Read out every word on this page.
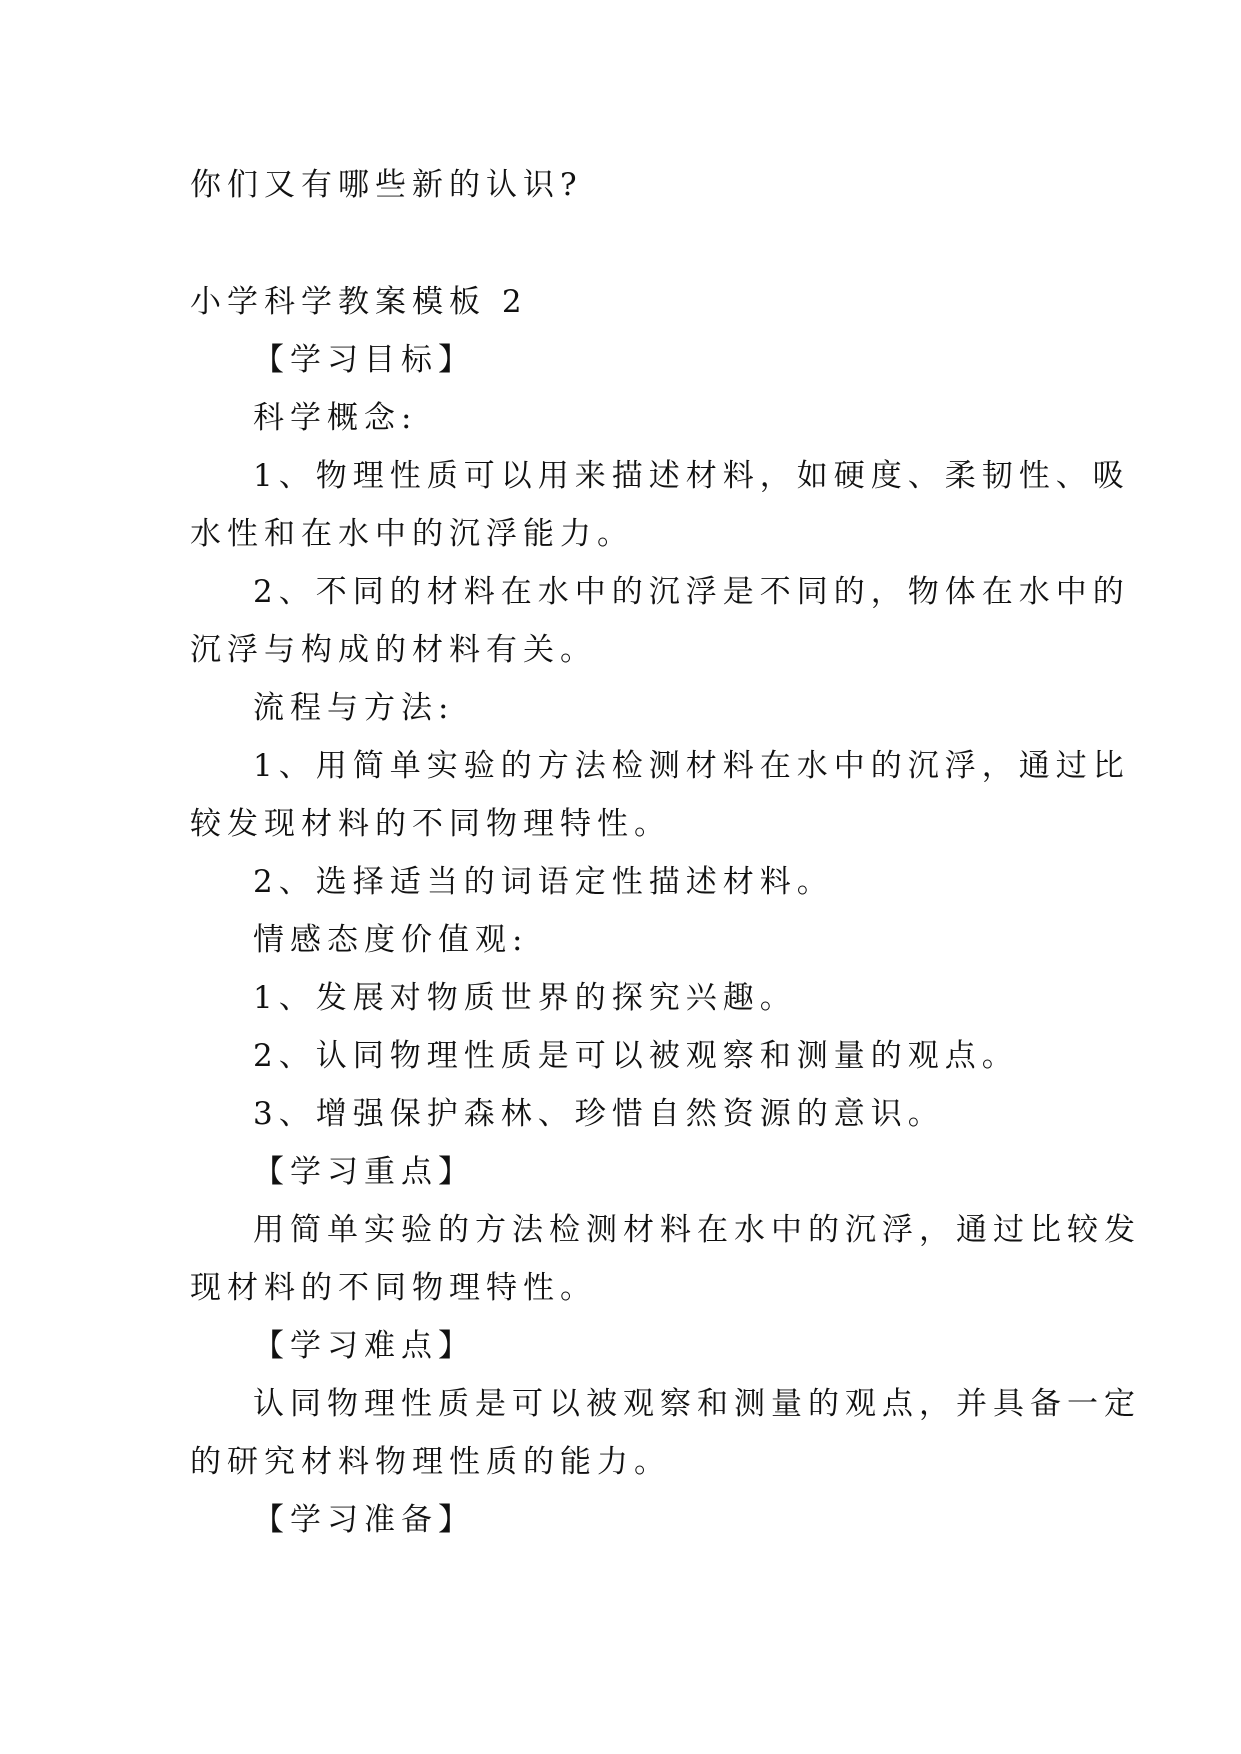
你们又有哪些新的认识?
小学科学教案模板 2
【学习目标】
科学概念:
1、物理性质可以用来描述材料，如硬度、柔韧性、吸
水性和在水中的沉浮能力。
2、不同的材料在水中的沉浮是不同的，物体在水中的
沉浮与构成的材料有关。
流程与方法:
1、用简单实验的方法检测材料在水中的沉浮，通过比
较发现材料的不同物理特性。
2、选择适当的词语定性描述材料。
情感态度价值观:
1、发展对物质世界的探究兴趣。
2、认同物理性质是可以被观察和测量的观点。
3、增强保护森林、珍惜自然资源的意识。
【学习重点】
用简单实验的方法检测材料在水中的沉浮，通过比较发
现材料的不同物理特性。
【学习难点】
认同物理性质是可以被观察和测量的观点，并具备一定
的研究材料物理性质的能力。
【学习准备】
